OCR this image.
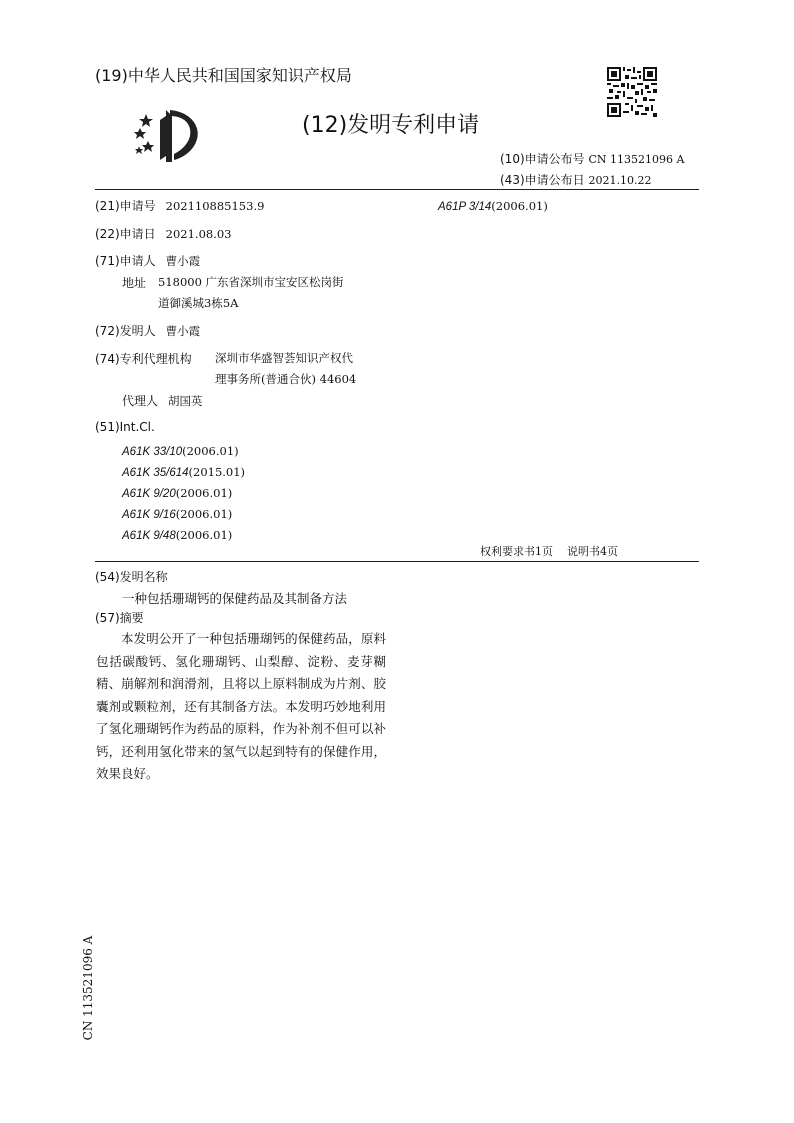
(19)中华人民共和国国家知识产权局
(12)发明专利申请
(10)申请公布号 CN 113521096 A
(43)申请公布日 2021.10.22
(21)申请号 202110885153.9	A61P 3/14(2006.01)
(22)申请日 2021.08.03
(71)申请人 曹小霞
地址 518000 广东省深圳市宝安区松岗街
道御溪城3栋5A
(72)发明人 曹小霞
(74)专利代理机构 深圳市华盛智荟知识产权代
理事务所(普通合伙) 44604
代理人 胡国英
(51)Int.Cl.
A61K 33/10(2006.01)
A61K 35/614(2015.01)
A61K 9/20(2006.01)
A61K 9/16(2006.01)
A61K 9/48(2006.01)
权利要求书1页    说明书4页
(54)发明名称
一种包括珊瑚钙的保健药品及其制备方法
(57)摘要
本发明公开了一种包括珊瑚钙的保健药品，原料包括碳酸钙、氢化珊瑚钙、山梨醇、淀粉、麦芽糊精、崩解剂和润滑剂，且将以上原料制成为片剂、胶囊剂或颗粒剂，还有其制备方法。本发明巧妙地利用了氢化珊瑚钙作为药品的原料，作为补剂不但可以补钙，还利用氢化带来的氢气以起到特有的保健作用，效果良好。
CN 113521096 A
